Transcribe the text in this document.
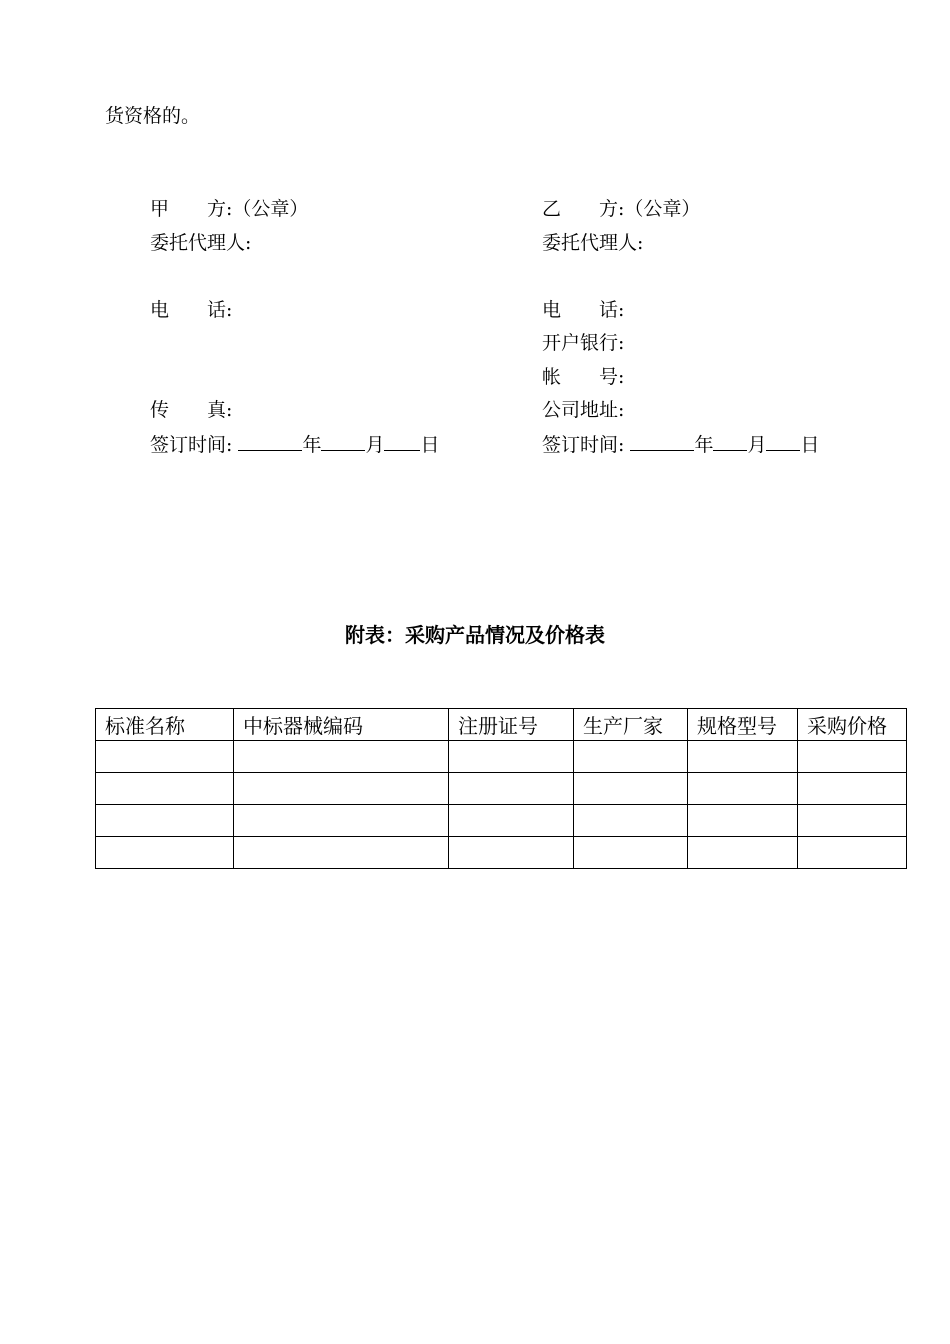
货资格的。
甲　　方:（公章）
委托代理人:
电　　话:
传　　真:
签订时间:	年 月 日
乙　　方:（公章）
委托代理人:
电　　话:
开户银行:
帐　　号:
公司地址:
签订时间:	年 月 日
附表：采购产品情况及价格表
标准名称	中标器械编码	注册证号	生产厂家	规格型号	采购价格
